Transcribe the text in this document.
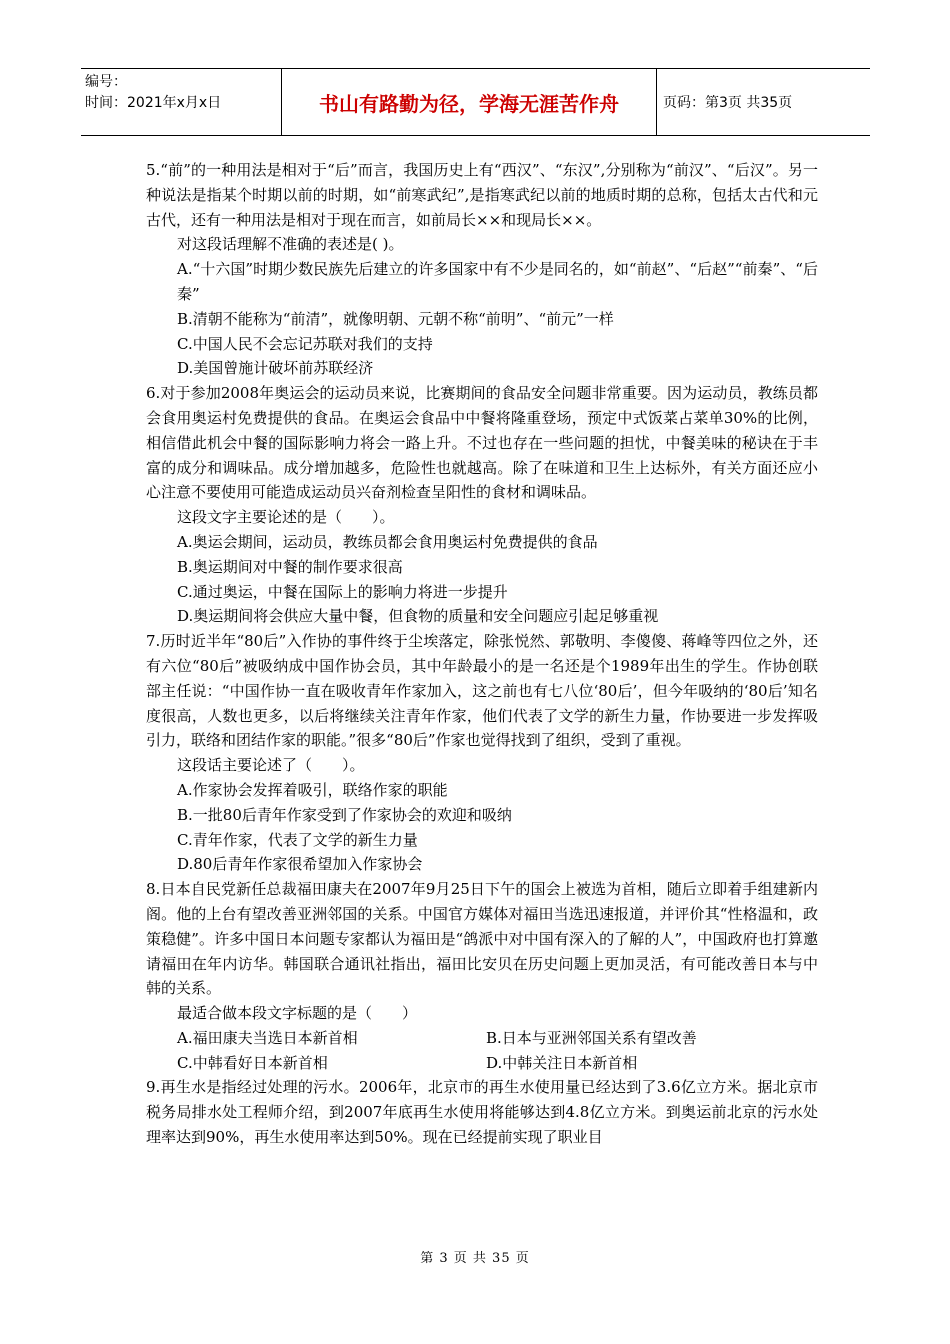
编号：
时间：2021年x月x日	书山有路勤为径，学海无涯苦作舟	页码：第3页 共35页

5.“前”的一种用法是相对于“后”而言，我国历史上有“西汉”、“东汉”,分别称为“前汉”、“后汉”。另一种说法是指某个时期以前的时期，如“前寒武纪”,是指寒武纪以前的地质时期的总称，包括太古代和元古代，还有一种用法是相对于现在而言，如前局长××和现局长××。

对这段话理解不准确的表述是( )。

A.“十六国”时期少数民族先后建立的许多国家中有不少是同名的，如“前赵”、“后赵”“前秦”、“后秦”

B.清朝不能称为“前清”，就像明朝、元朝不称“前明”、“前元”一样

C.中国人民不会忘记苏联对我们的支持

D.美国曾施计破坏前苏联经济

6.对于参加2008年奥运会的运动员来说，比赛期间的食品安全问题非常重要。因为运动员，教练员都会食用奥运村免费提供的食品。在奥运会食品中中餐将隆重登场，预定中式饭菜占菜单30%的比例，相信借此机会中餐的国际影响力将会一路上升。不过也存在一些问题的担忧，中餐美味的秘诀在于丰富的成分和调味品。成分增加越多，危险性也就越高。除了在味道和卫生上达标外，有关方面还应小心注意不要使用可能造成运动员兴奋剂检查呈阳性的食材和调味品。

这段文字主要论述的是（　　）。

A.奥运会期间，运动员，教练员都会食用奥运村免费提供的食品

B.奥运期间对中餐的制作要求很高

C.通过奥运，中餐在国际上的影响力将进一步提升

D.奥运期间将会供应大量中餐，但食物的质量和安全问题应引起足够重视

7.历时近半年“80后”入作协的事件终于尘埃落定，除张悦然、郭敬明、李傻傻、蒋峰等四位之外，还有六位“80后”被吸纳成中国作协会员，其中年龄最小的是一名还是个1989年出生的学生。作协创联部主任说：“中国作协一直在吸收青年作家加入，这之前也有七八位‘80后’，但今年吸纳的‘80后’知名度很高，人数也更多，以后将继续关注青年作家，他们代表了文学的新生力量，作协要进一步发挥吸引力，联络和团结作家的职能。”很多“80后”作家也觉得找到了组织，受到了重视。

这段话主要论述了（　　）。

A.作家协会发挥着吸引，联络作家的职能

B.一批80后青年作家受到了作家协会的欢迎和吸纳

C.青年作家，代表了文学的新生力量

D.80后青年作家很希望加入作家协会

8.日本自民党新任总裁福田康夫在2007年9月25日下午的国会上被选为首相，随后立即着手组建新内阁。他的上台有望改善亚洲邻国的关系。中国官方媒体对福田当选迅速报道，并评价其“性格温和，政策稳健”。许多中国日本问题专家都认为福田是“鸽派中对中国有深入的了解的人”，中国政府也打算邀请福田在年内访华。韩国联合通讯社指出，福田比安贝在历史问题上更加灵活，有可能改善日本与中韩的关系。

最适合做本段文字标题的是（　　）

A.福田康夫当选日本新首相	B.日本与亚洲邻国关系有望改善
C.中韩看好日本新首相	D.中韩关注日本新首相

9.再生水是指经过处理的污水。2006年，北京市的再生水使用量已经达到了3.6亿立方米。据北京市税务局排水处工程师介绍，到2007年底再生水使用将能够达到4.8亿立方米。到奥运前北京的污水处理率达到90%，再生水使用率达到50%。现在已经提前实现了职业目

第 3 页 共 35 页
